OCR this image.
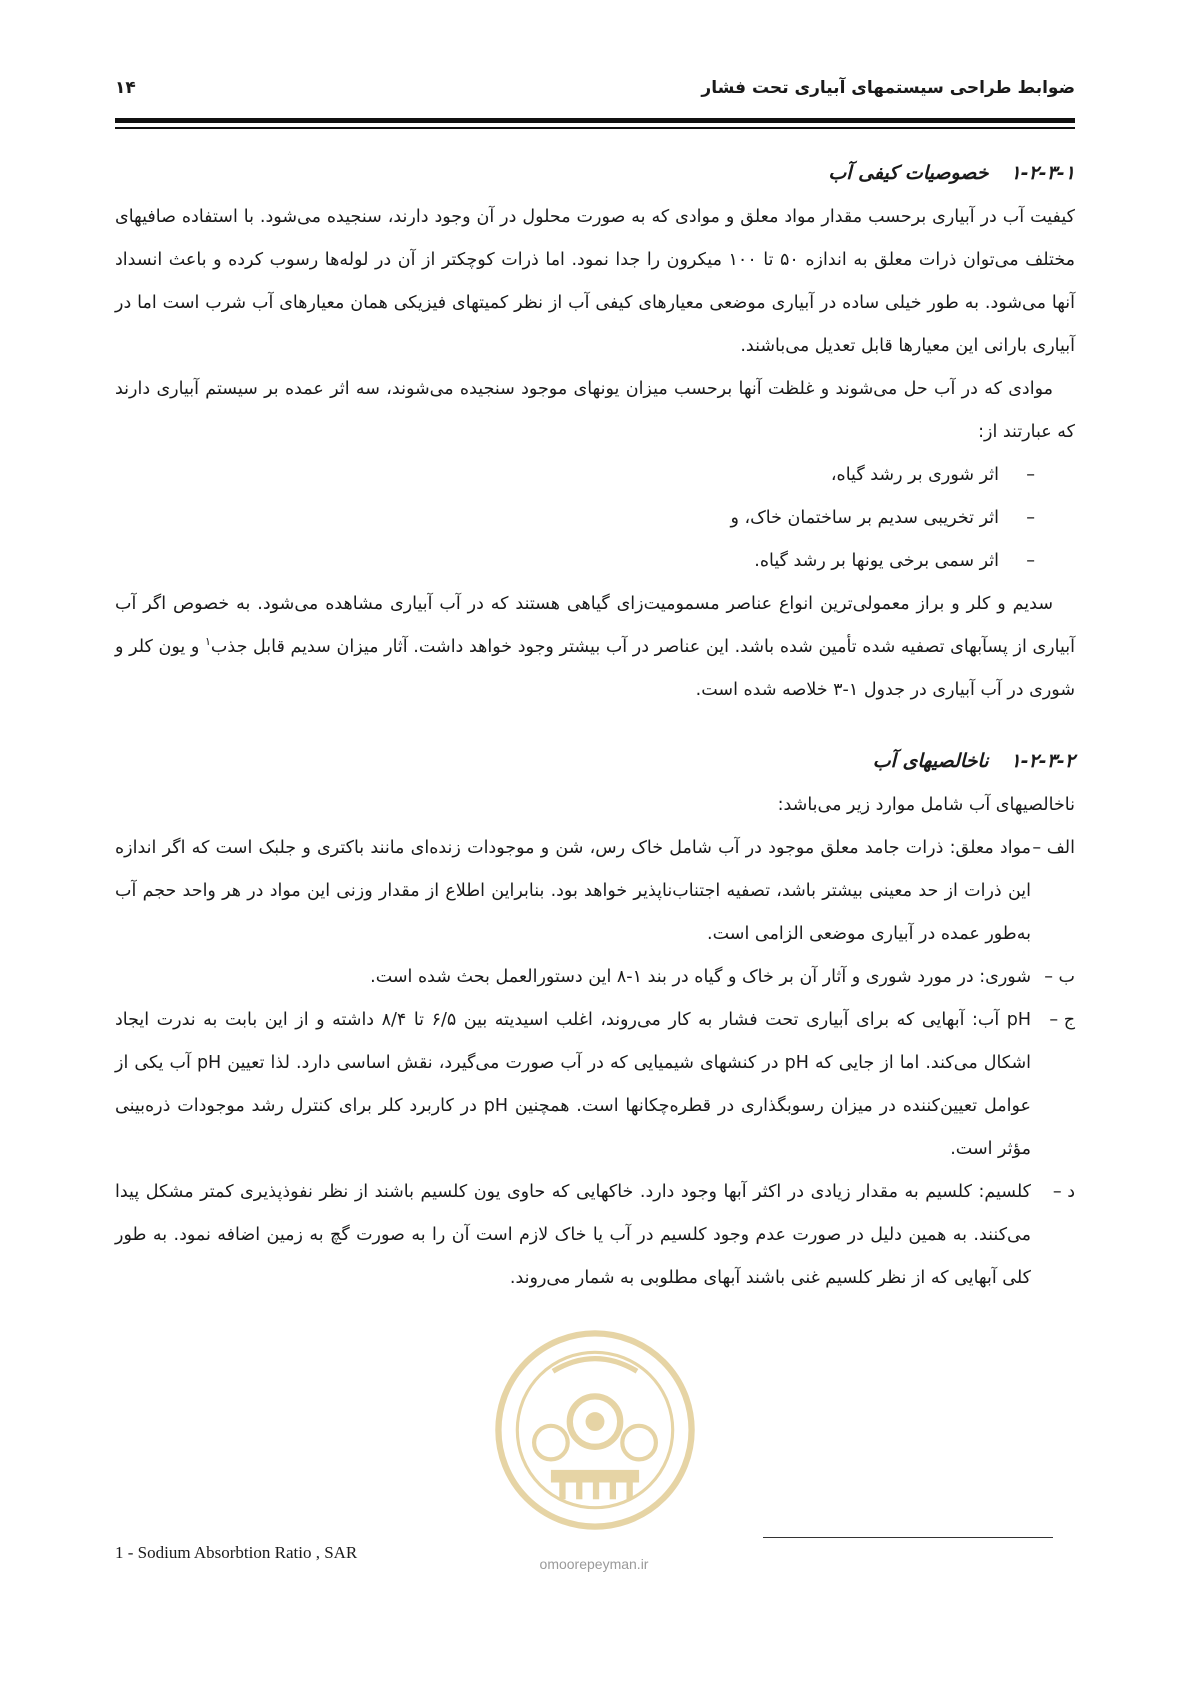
ضوابط طراحی سیستمهای آبیاری تحت فشار
۱۴
۱-۲-۳-۱خصوصیات کیفی آب

کیفیت آب در آبیاری برحسب مقدار مواد معلق و موادی که به صورت محلول در آن وجود دارند، سنجیده می‌شود. با استفاده صافیهای مختلف می‌توان ذرات معلق به اندازه ۵۰ تا ۱۰۰ میکرون را جدا نمود. اما ذرات کوچکتر از آن در لوله‌ها رسوب کرده و باعث انسداد آنها می‌شود. به طور خیلی ساده در آبیاری موضعی معیارهای کیفی آب از نظر کمیتهای فیزیکی همان معیارهای آب شرب است اما در آبیاری بارانی این معیارها قابل تعدیل می‌باشند.

موادی که در آب حل می‌شوند و غلظت آنها برحسب میزان یونهای موجود سنجیده می‌شوند، سه اثر عمده بر سیستم آبیاری دارند که عبارتند از:

–
اثر شوری بر رشد گیاه،
–
اثر تخریبی سدیم بر ساختمان خاک، و
–
اثر سمی برخی یونها بر رشد گیاه.

سدیم و کلر و براز معمولی‌ترین انواع عناصر مسمومیت‌زای گیاهی هستند که در آب آبیاری مشاهده می‌شود. به خصوص اگر آب آبیاری از پسآبهای تصفیه شده تأمین شده باشد. این عناصر در آب بیشتر وجود خواهد داشت. آثار میزان سدیم قابل جذب$^۱$ و یون کلر و شوری در آب آبیاری در جدول ۱-۳ خلاصه شده است.

۱-۲-۳-۲ناخالصیهای آب

ناخالصیهای آب شامل موارد زیر می‌باشد:

الف –
مواد معلق: ذرات جامد معلق موجود در آب شامل خاک رس، شن و موجودات زنده‌ای مانند باکتری و جلبک است که اگر اندازه این ذرات از حد معینی بیشتر باشد، تصفیه اجتناب‌ناپذیر خواهد بود. بنابراین اطلاع از مقدار وزنی این مواد در هر واحد حجم آب به‌طور عمده در آبیاری موضعی الزامی است.
ب –
شوری: در مورد شوری و آثار آن بر خاک و گیاه در بند ۱-۸ این دستورالعمل بحث شده است.
ج –
pH آب: آبهایی که برای آبیاری تحت فشار به کار می‌روند، اغلب اسیدیته بین ۶/۵ تا ۸/۴ داشته و از این بابت به ندرت ایجاد اشکال می‌کند. اما از جایی که pH در کنشهای شیمیایی که در آب صورت می‌گیرد، نقش اساسی دارد. لذا تعیین pH آب یکی از عوامل تعیین‌کننده در میزان رسوبگذاری در قطره‌چکانها است. همچنین pH در کاربرد کلر برای کنترل رشد موجودات ذره‌بینی مؤثر است.
د –
کلسیم: کلسیم به مقدار زیادی در اکثر آبها وجود دارد. خاکهایی که حاوی یون کلسیم باشند از نظر نفوذپذیری کمتر مشکل پیدا می‌کنند. به همین دلیل در صورت عدم وجود کلسیم در آب یا خاک لازم است آن را به صورت گچ به زمین اضافه نمود. به طور کلی آبهایی که از نظر کلسیم غنی باشند آبهای مطلوبی به شمار می‌روند.
omoorepeyman.ir
1 - Sodium Absorbtion Ratio , SAR
